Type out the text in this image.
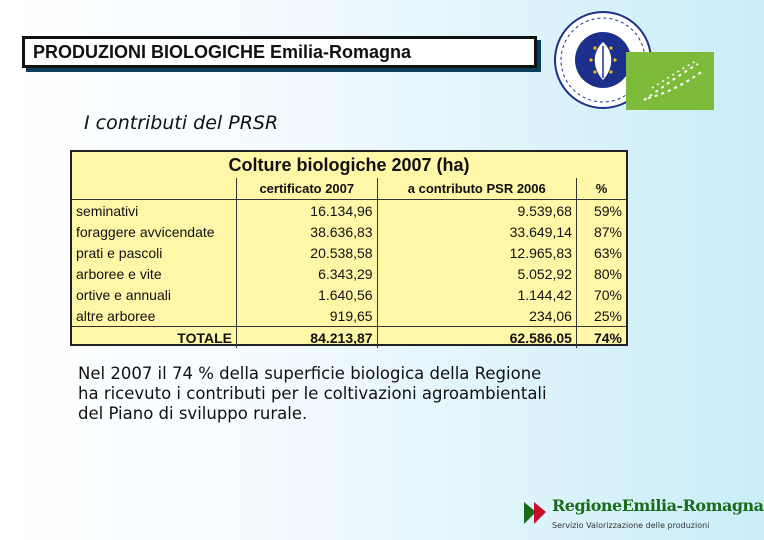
PRODUZIONI BIOLOGICHE Emilia-Romagna
I contributi del PRSR
Colture biologiche 2007 (ha)			
	certificato 2007	a contributo PSR 2006	%
seminativi	16.134,96	9.539,68	59%
foraggere avvicendate	38.636,83	33.649,14	87%
prati e pascoli	20.538,58	12.965,83	63%
arboree e vite	6.343,29	5.052,92	80%
ortive e annuali	1.640,56	1.144,42	70%
altre arboree	919,65	234,06	25%
TOTALE	84.213,87	62.586,05	74%

Nel 2007 il 74 % della superficie biologica della Regione

ha ricevuto i contributi per le coltivazioni agroambientali

del Piano di sviluppo rurale.

RegioneEmilia-Romagna
Servizio Valorizzazione delle produzioni
